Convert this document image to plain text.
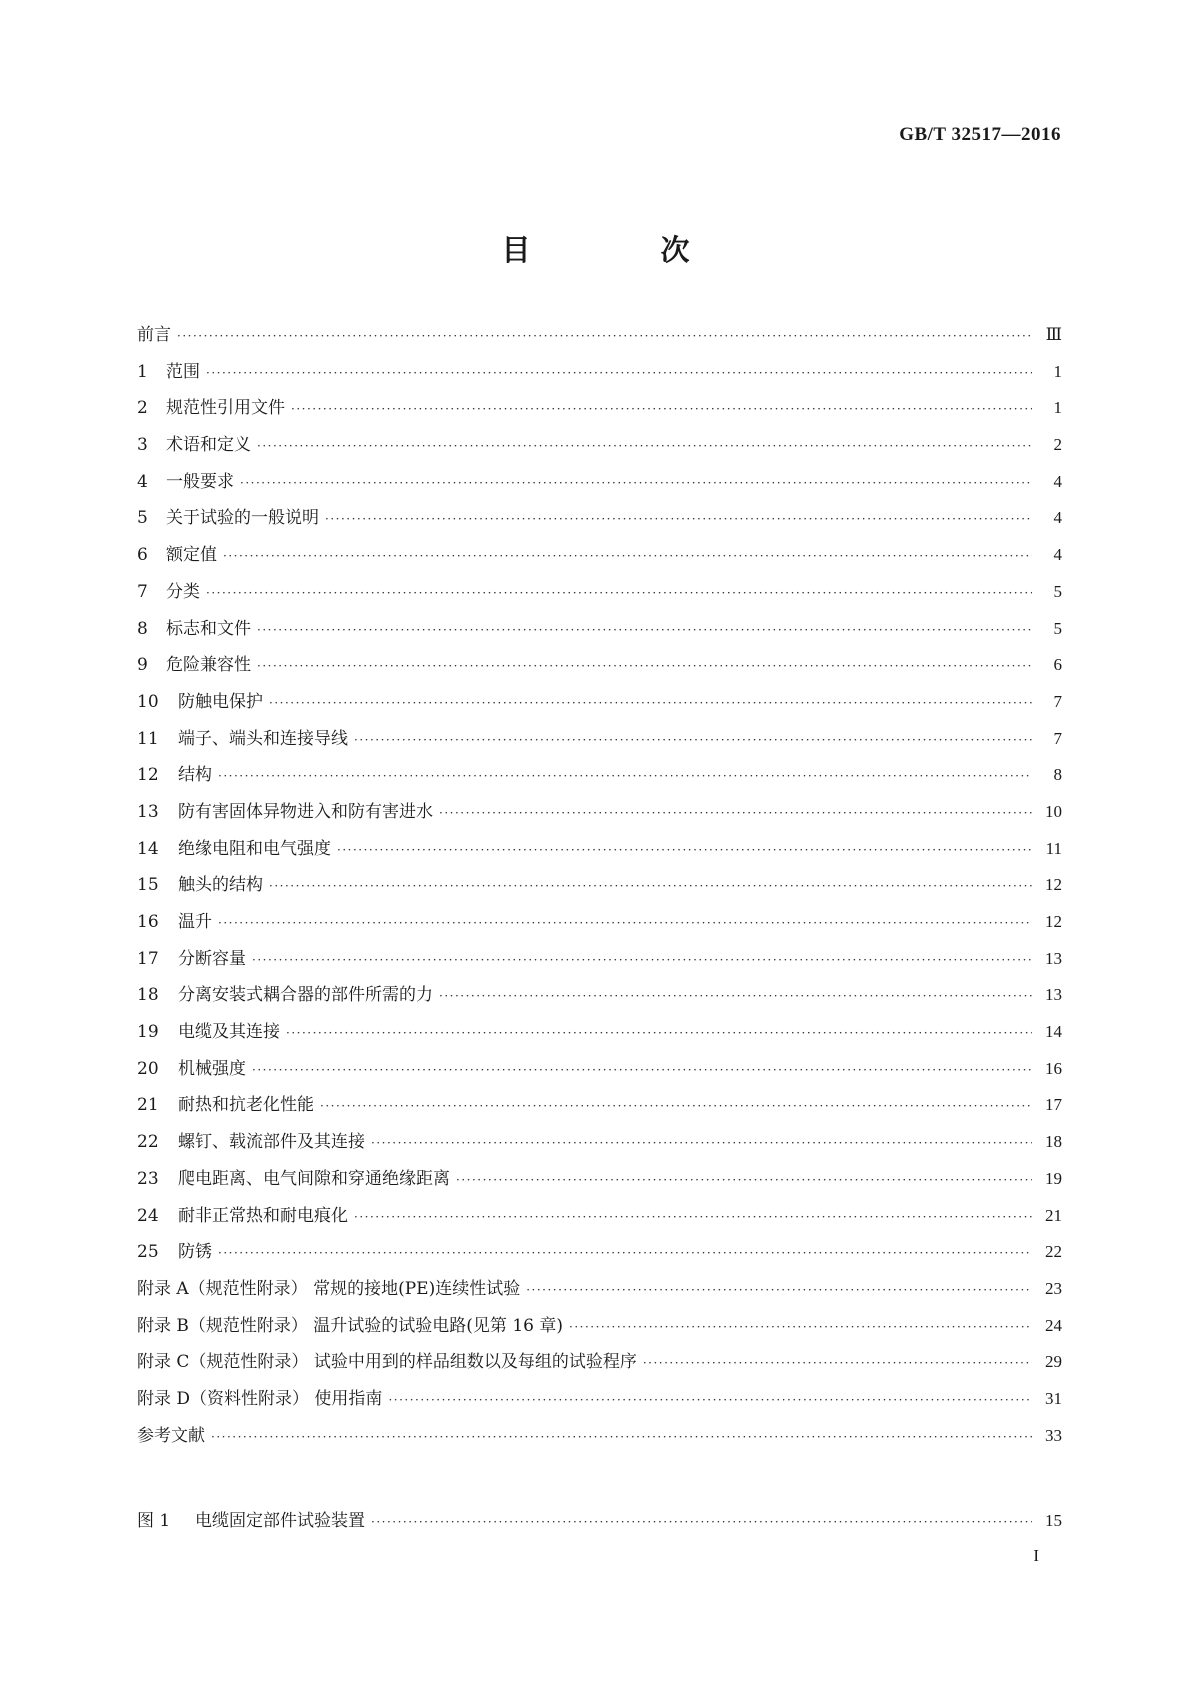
GB/T 32517—2016
目 次
前言 ·····	Ⅲ
1	范围 ·····	1
2	规范性引用文件 ·····	1
3	术语和定义 ·····	2
4	一般要求 ·····	4
5	关于试验的一般说明 ·····	4
6	额定值 ·····	4
7	分类 ·····	5
8	标志和文件 ·····	5
9	危险兼容性 ·····	6
10	防触电保护 ·····	7
11	端子、端头和连接导线 ·····	7
12	结构 ·····	8
13	防有害固体异物进入和防有害进水 ·····	10
14	绝缘电阻和电气强度 ·····	11
15	触头的结构 ·····	12
16	温升 ·····	12
17	分断容量 ·····	13
18	分离安装式耦合器的部件所需的力 ·····	13
19	电缆及其连接 ·····	14
20	机械强度 ·····	16
21	耐热和抗老化性能 ·····	17
22	螺钉、载流部件及其连接 ·····	18
23	爬电距离、电气间隙和穿通绝缘距离 ·····	19
24	耐非正常热和耐电痕化 ·····	21
25	防锈 ·····	22
附录 A（规范性附录） 常规的接地(PE)连续性试验 ·····	23
附录 B（规范性附录） 温升试验的试验电路(见第 16 章) ·····	24
附录 C（规范性附录） 试验中用到的样品组数以及每组的试验程序 ·····	29
附录 D（资料性附录） 使用指南 ·····	31
参考文献 ·····	33
图 1	电缆固定部件试验装置 ·····	15
I
